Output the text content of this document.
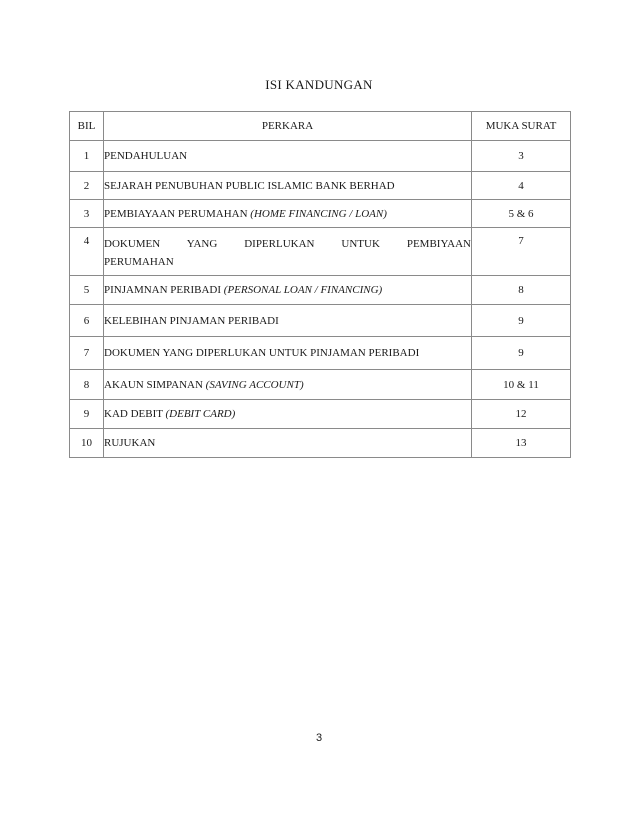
ISI KANDUNGAN
BIL	PERKARA	MUKA SURAT
1	PENDAHULUAN	3
2	SEJARAH PENUBUHAN PUBLIC ISLAMIC BANK BERHAD	4
3	PEMBIAYAAN PERUMAHAN (HOME FINANCING / LOAN)	5 & 6
4	DOKUMEN YANG DIPERLUKAN UNTUK PEMBIYAAN
PERUMAHAN	7
5	PINJAMNAN PERIBADI (PERSONAL LOAN / FINANCING)	8
6	KELEBIHAN PINJAMAN PERIBADI	9
7	DOKUMEN YANG DIPERLUKAN UNTUK PINJAMAN PERIBADI	9
8	AKAUN SIMPANAN (SAVING ACCOUNT)	10 & 11
9	KAD DEBIT (DEBIT CARD)	12
10	RUJUKAN	13
3
